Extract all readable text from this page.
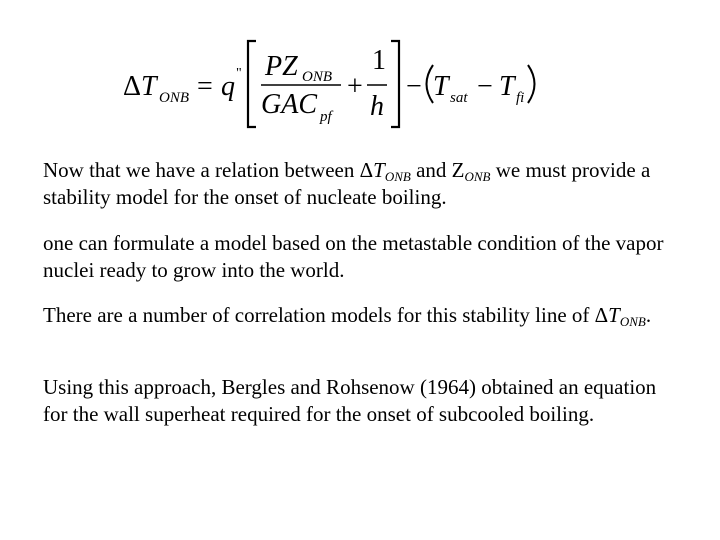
Δ T ONB = q " PZ ONB
GAC pf
+
1
h
− T sat − T fi

Now that we have a relation between $\Delta T_{ONB}$ and $Z_{ONB}$ we must provide a stability model for the onset of nucleate boiling.

one can formulate a model based on the metastable condition of the vapor nuclei ready to grow into the world.

There are a number of correlation models for this stability line of $\Delta T_{ONB}$.

Using this approach, Bergles and Rohsenow (1964) obtained an equation for the wall superheat required for the onset of subcooled boiling.
